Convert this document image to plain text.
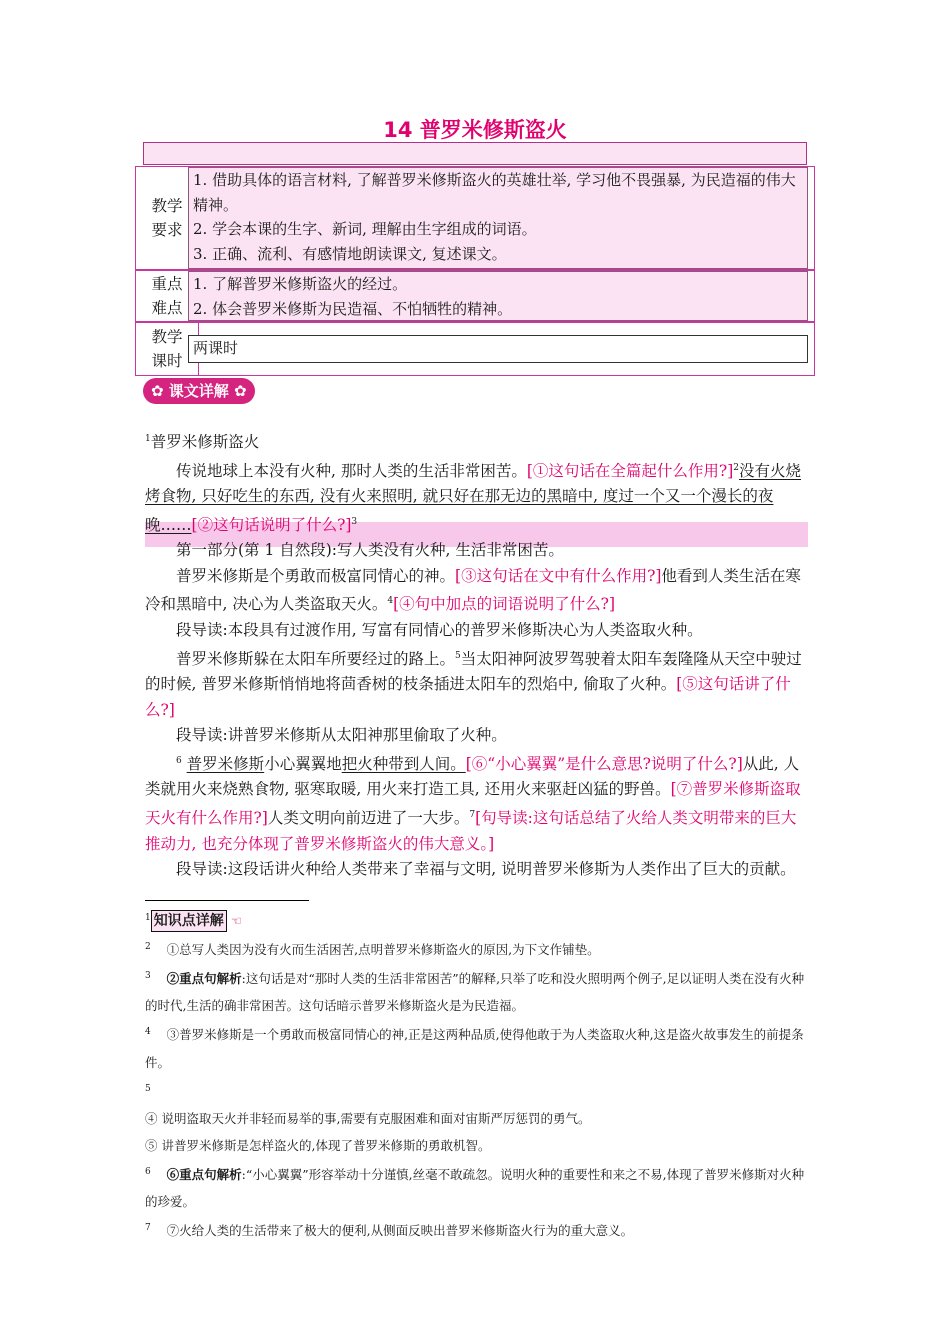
14 普罗米修斯盗火
教学要求
1. 借助具体的语言材料, 了解普罗米修斯盗火的英雄壮举, 学习他不畏强暴, 为民造福的伟大精神。
2. 学会本课的生字、新词, 理解由生字组成的词语。
3. 正确、流利、有感情地朗读课文, 复述课文。
重点难点
1. 了解普罗米修斯盗火的经过。
2. 体会普罗米修斯为民造福、不怕牺牲的精神。
教学课时
两课时
✿ 课文详解 ✿
$^1$普罗米修斯盗火
传说地球上本没有火种, 那时人类的生活非常困苦。[①这句话在全篇起什么作用?]$^2$没有火烧烤食物, 只好吃生的东西, 没有火来照明, 就只好在那无边的黑暗中, 度过一个又一个漫长的夜晚……[②这句话说明了什么?]$^3$
第一部分(第 1 自然段):写人类没有火种, 生活非常困苦。
普罗米修斯是个勇敢而极富同情心的神。[③这句话在文中有什么作用?]他看到人类生活在寒冷和黑暗中, 决心为人类盗取天火。$^4$[④句中加点的词语说明了什么?]
段导读:本段具有过渡作用, 写富有同情心的普罗米修斯决心为人类盗取火种。
普罗米修斯躲在太阳车所要经过的路上。$^5$当太阳神阿波罗驾驶着太阳车轰隆隆从天空中驶过的时候, 普罗米修斯悄悄地将茴香树的枝条插进太阳车的烈焰中, 偷取了火种。[⑤这句话讲了什么?]
段导读:讲普罗米修斯从太阳神那里偷取了火种。
$^6$ 普罗米修斯小心翼翼地把火种带到人间。[⑥“小心翼翼”是什么意思?说明了什么?]从此, 人类就用火来烧熟食物, 驱寒取暖, 用火来打造工具, 还用火来驱赶凶猛的野兽。[⑦普罗米修斯盗取天火有什么作用?]人类文明向前迈进了一大步。$^7$[句导读:这句话总结了火给人类文明带来的巨大推动力, 也充分体现了普罗米修斯盗火的伟大意义。]
段导读:这段话讲火种给人类带来了幸福与文明, 说明普罗米修斯为人类作出了巨大的贡献。
$^1$ 知识点详解 ☜
$^2$ ①总写人类因为没有火而生活困苦,点明普罗米修斯盗火的原因,为下文作铺垫。
$^3$ ②重点句解析:这句话是对“那时人类的生活非常困苦”的解释,只举了吃和没火照明两个例子,足以证明人类在没有火种的时代,生活的确非常困苦。这句话暗示普罗米修斯盗火是为民造福。
$^4$ ③普罗米修斯是一个勇敢而极富同情心的神,正是这两种品质,使得他敢于为人类盗取火种,这是盗火故事发生的前提条件。
$^5$
④ 说明盗取天火并非轻而易举的事,需要有克服困难和面对宙斯严厉惩罚的勇气。
⑤ 讲普罗米修斯是怎样盗火的,体现了普罗米修斯的勇敢机智。
$^6$ ⑥重点句解析:“小心翼翼”形容举动十分谨慎,丝毫不敢疏忽。说明火种的重要性和来之不易,体现了普罗米修斯对火种的珍爱。
$^7$ ⑦火给人类的生活带来了极大的便利,从侧面反映出普罗米修斯盗火行为的重大意义。
